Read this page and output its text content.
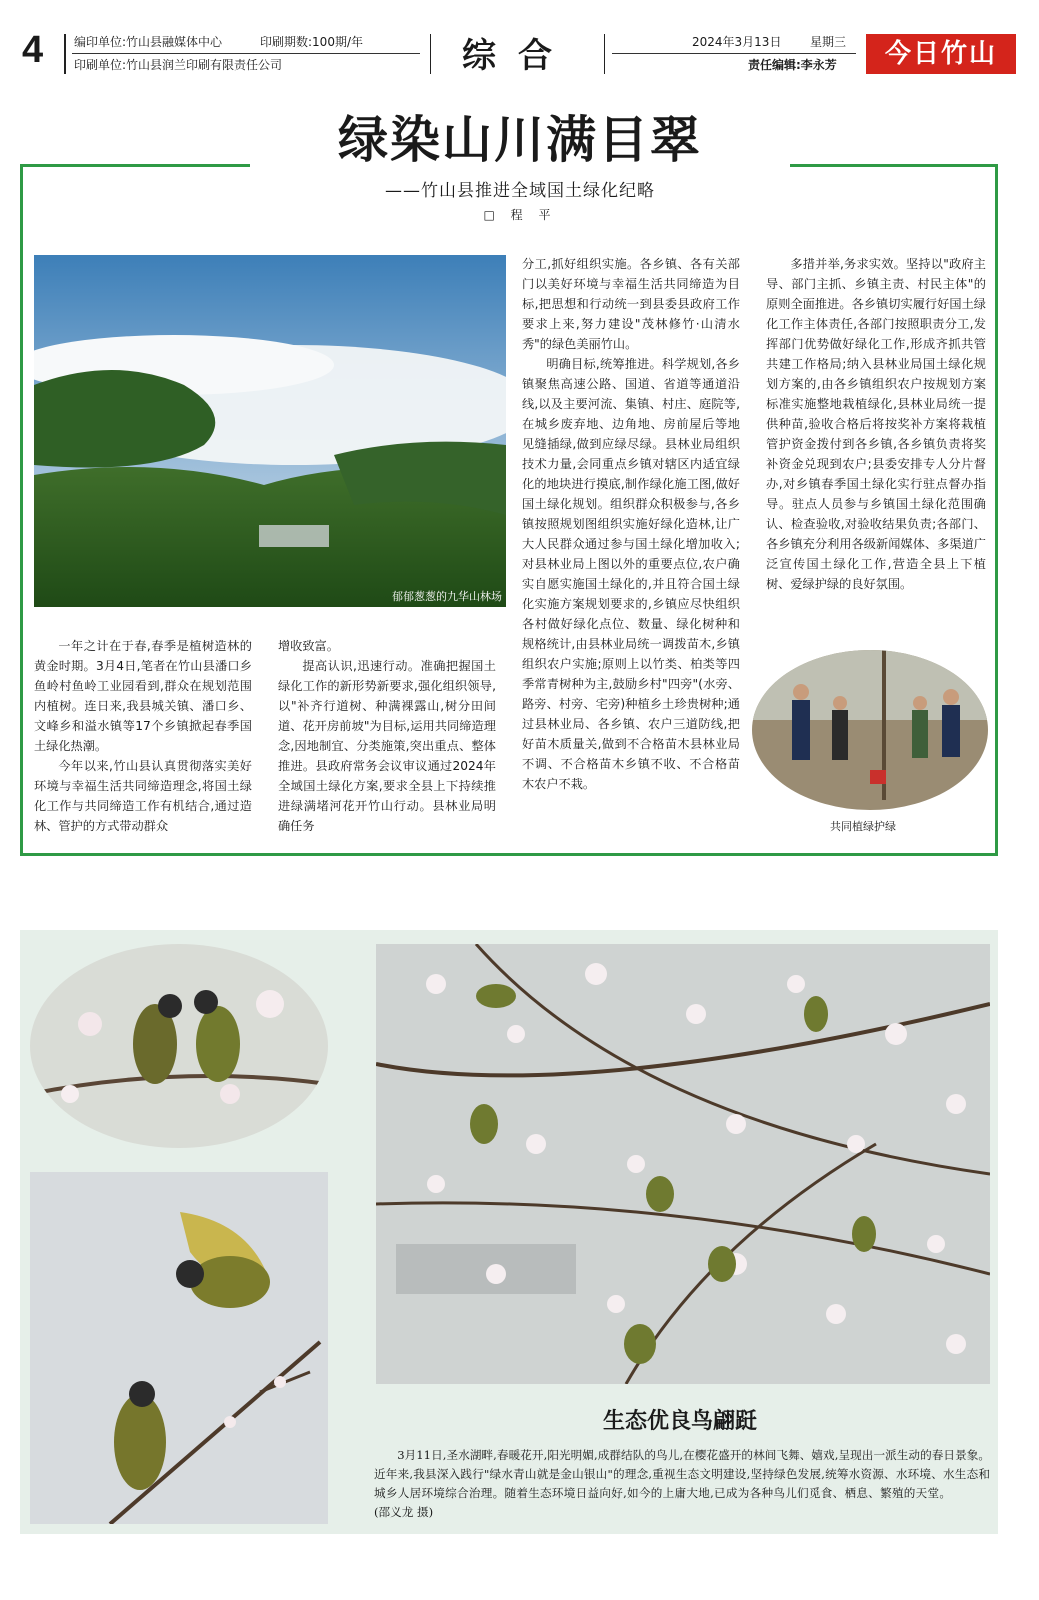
4	编印单位:竹山县融媒体中心	印刷期数:100期/年
印刷单位:竹山县润兰印刷有限责任公司	综合	2024年3月13日 星期三
责任编辑:李永芳	今日竹山
绿染山川满目翠
——竹山县推进全域国土绿化纪略
□ 程 平
郁郁葱葱的九华山林场

一年之计在于春,春季是植树造林的黄金时期。3月4日,笔者在竹山县潘口乡鱼岭村鱼岭工业园看到,群众在规划范围内植树。连日来,我县城关镇、潘口乡、文峰乡和溢水镇等17个乡镇掀起春季国土绿化热潮。

今年以来,竹山县认真贯彻落实美好环境与幸福生活共同缔造理念,将国土绿化工作与共同缔造工作有机结合,通过造林、管护的方式带动群众

增收致富。

提高认识,迅速行动。准确把握国土绿化工作的新形势新要求,强化组织领导,以"补齐行道树、种满裸露山,树分田间道、花开房前坡"为目标,运用共同缔造理念,因地制宜、分类施策,突出重点、整体推进。县政府常务会议审议通过2024年全域国土绿化方案,要求全县上下持续推进绿满堵河花开竹山行动。县林业局明确任务

分工,抓好组织实施。各乡镇、各有关部门以美好环境与幸福生活共同缔造为目标,把思想和行动统一到县委县政府工作要求上来,努力建设"茂林修竹·山清水秀"的绿色美丽竹山。

明确目标,统筹推进。科学规划,各乡镇聚焦高速公路、国道、省道等通道沿线,以及主要河流、集镇、村庄、庭院等,在城乡废弃地、边角地、房前屋后等地见缝插绿,做到应绿尽绿。县林业局组织技术力量,会同重点乡镇对辖区内适宜绿化的地块进行摸底,制作绿化施工图,做好国土绿化规划。组织群众积极参与,各乡镇按照规划图组织实施好绿化造林,让广大人民群众通过参与国土绿化增加收入;对县林业局上图以外的重要点位,农户确实自愿实施国土绿化的,并且符合国土绿化实施方案规划要求的,乡镇应尽快组织各村做好绿化点位、数量、绿化树种和规格统计,由县林业局统一调拨苗木,乡镇组织农户实施;原则上以竹类、柏类等四季常青树种为主,鼓励乡村"四旁"(水旁、路旁、村旁、宅旁)种植乡土珍贵树种;通过县林业局、各乡镇、农户三道防线,把好苗木质量关,做到不合格苗木县林业局不调、不合格苗木乡镇不收、不合格苗木农户不栽。

多措并举,务求实效。坚持以"政府主导、部门主抓、乡镇主责、村民主体"的原则全面推进。各乡镇切实履行好国土绿化工作主体责任,各部门按照职责分工,发挥部门优势做好绿化工作,形成齐抓共管共建工作格局;纳入县林业局国土绿化规划方案的,由各乡镇组织农户按规划方案标准实施整地栽植绿化,县林业局统一提供种苗,验收合格后将按奖补方案将栽植管护资金拨付到各乡镇,各乡镇负责将奖补资金兑现到农户;县委安排专人分片督办,对乡镇春季国土绿化实行驻点督办指导。驻点人员参与乡镇国土绿化范围确认、检查验收,对验收结果负责;各部门、各乡镇充分利用各级新闻媒体、多渠道广泛宣传国土绿化工作,营造全县上下植树、爱绿护绿的良好氛围。

共同植绿护绿
生态优良鸟翩跹
3月11日,圣水湖畔,春暖花开,阳光明媚,成群结队的鸟儿,在樱花盛开的林间飞舞、嬉戏,呈现出一派生动的春日景象。近年来,我县深入践行"绿水青山就是金山银山"的理念,重视生态文明建设,坚持绿色发展,统筹水资源、水环境、水生态和城乡人居环境综合治理。随着生态环境日益向好,如今的上庸大地,已成为各种鸟儿们觅食、栖息、繁殖的天堂。 (邵义龙 摄)
